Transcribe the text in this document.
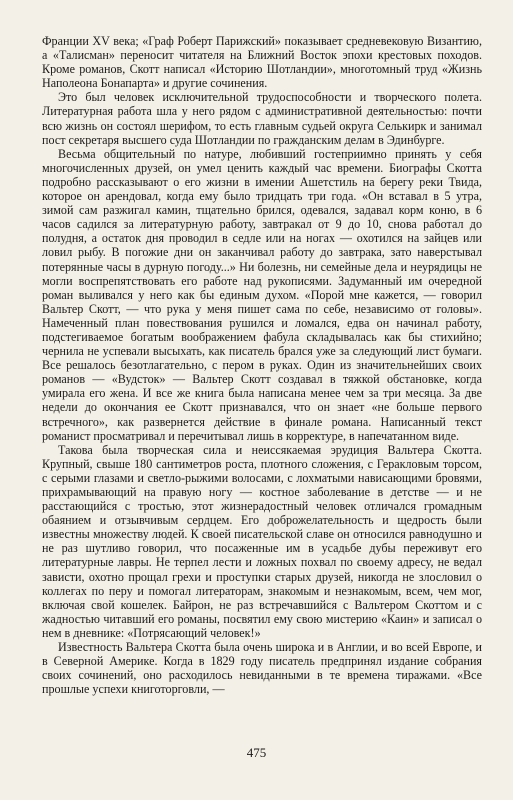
Франции XV века; «Граф Роберт Парижский» показывает средневековую Византию, а «Талисман» переносит читателя на Ближний Восток эпохи крестовых походов. Кроме романов, Скотт написал «Историю Шотландии», многотомный труд «Жизнь Наполеона Бонапарта» и другие сочинения.

Это был человек исключительной трудоспособности и творческого полета. Литературная работа шла у него рядом с административной деятельностью: почти всю жизнь он состоял шерифом, то есть главным судьей округа Селькирк и занимал пост секретаря высшего суда Шотландии по гражданским делам в Эдинбурге.

Весьма общительный по натуре, любивший гостеприимно принять у себя многочисленных друзей, он умел ценить каждый час времени. Биографы Скотта подробно рассказывают о его жизни в имении Ашетстиль на берегу реки Твида, которое он арендовал, когда ему было тридцать три года. «Он вставал в 5 утра, зимой сам разжигал камин, тщательно брился, одевался, задавал корм коню, в 6 часов садился за литературную работу, завтракал от 9 до 10, снова работал до полудня, а остаток дня проводил в седле или на ногах — охотился на зайцев или ловил рыбу. В погожие дни он заканчивал работу до завтрака, зато наверстывал потерянные часы в дурную погоду...» Ни болезнь, ни семейные дела и неурядицы не могли воспрепятствовать его работе над рукописями. Задуманный им очередной роман выливался у него как бы единым духом. «Порой мне кажется, — говорил Вальтер Скотт, — что рука у меня пишет сама по себе, независимо от головы». Намеченный план повествования рушился и ломался, едва он начинал работу, подстегиваемое богатым воображением фабула складывалась как бы стихийно; чернила не успевали высыхать, как писатель брался уже за следующий лист бумаги. Все решалось безотлагательно, с пером в руках. Один из значительнейших своих романов — «Вудсток» — Вальтер Скотт создавал в тяжкой обстановке, когда умирала его жена. И все же книга была написана менее чем за три месяца. За две недели до окончания ее Скотт признавался, что он знает «не больше первого встречного», как развернется действие в финале романа. Написанный текст романист просматривал и перечитывал лишь в корректуре, в напечатанном виде.

Такова была творческая сила и неиссякаемая эрудиция Вальтера Скотта. Крупный, свыше 180 сантиметров роста, плотного сложения, с Геракловым торсом, с серыми глазами и светло-рыжими волосами, с лохматыми нависающими бровями, прихрамывающий на правую ногу — костное заболевание в детстве — и не расстающийся с тростью, этот жизнерадостный человек отличался громадным обаянием и отзывчивым сердцем. Его доброжелательность и щедрость были известны множеству людей. К своей писательской славе он относился равнодушно и не раз шутливо говорил, что посаженные им в усадьбе дубы переживут его литературные лавры. Не терпел лести и ложных похвал по своему адресу, не ведал зависти, охотно прощал грехи и проступки старых друзей, никогда не злословил о коллегах по перу и помогал литераторам, знакомым и незнакомым, всем, чем мог, включая свой кошелек. Байрон, не раз встречавшийся с Вальтером Скоттом и с жадностью читавший его романы, посвятил ему свою мистерию «Каин» и записал о нем в дневнике: «Потрясающий человек!»

Известность Вальтера Скотта была очень широка и в Англии, и во всей Европе, и в Северной Америке. Когда в 1829 году писатель предпринял издание собрания своих сочинений, оно расходилось невиданными в те времена тиражами. «Все прошлые успехи книготорговли, —

475
